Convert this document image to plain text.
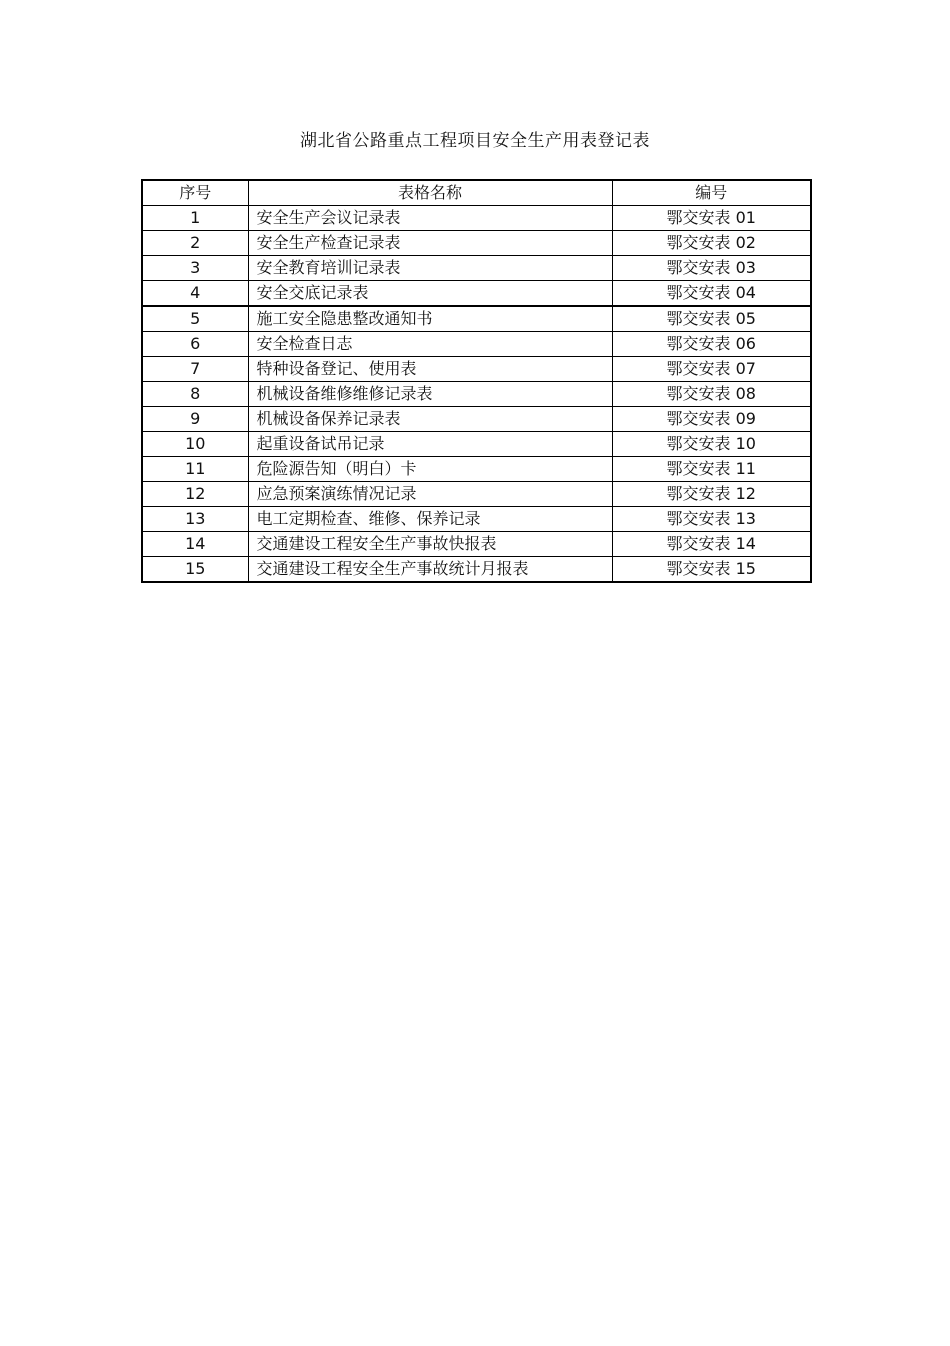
湖北省公路重点工程项目安全生产用表登记表
序号	表格名称	编号
1	安全生产会议记录表	鄂交安表 01
2	安全生产检查记录表	鄂交安表 02
3	安全教育培训记录表	鄂交安表 03
4	安全交底记录表	鄂交安表 04
5	施工安全隐患整改通知书	鄂交安表 05
6	安全检查日志	鄂交安表 06
7	特种设备登记、使用表	鄂交安表 07
8	机械设备维修维修记录表	鄂交安表 08
9	机械设备保养记录表	鄂交安表 09
10	起重设备试吊记录	鄂交安表 10
11	危险源告知（明白）卡	鄂交安表 11
12	应急预案演练情况记录	鄂交安表 12
13	电工定期检查、维修、保养记录	鄂交安表 13
14	交通建设工程安全生产事故快报表	鄂交安表 14
15	交通建设工程安全生产事故统计月报表	鄂交安表 15
